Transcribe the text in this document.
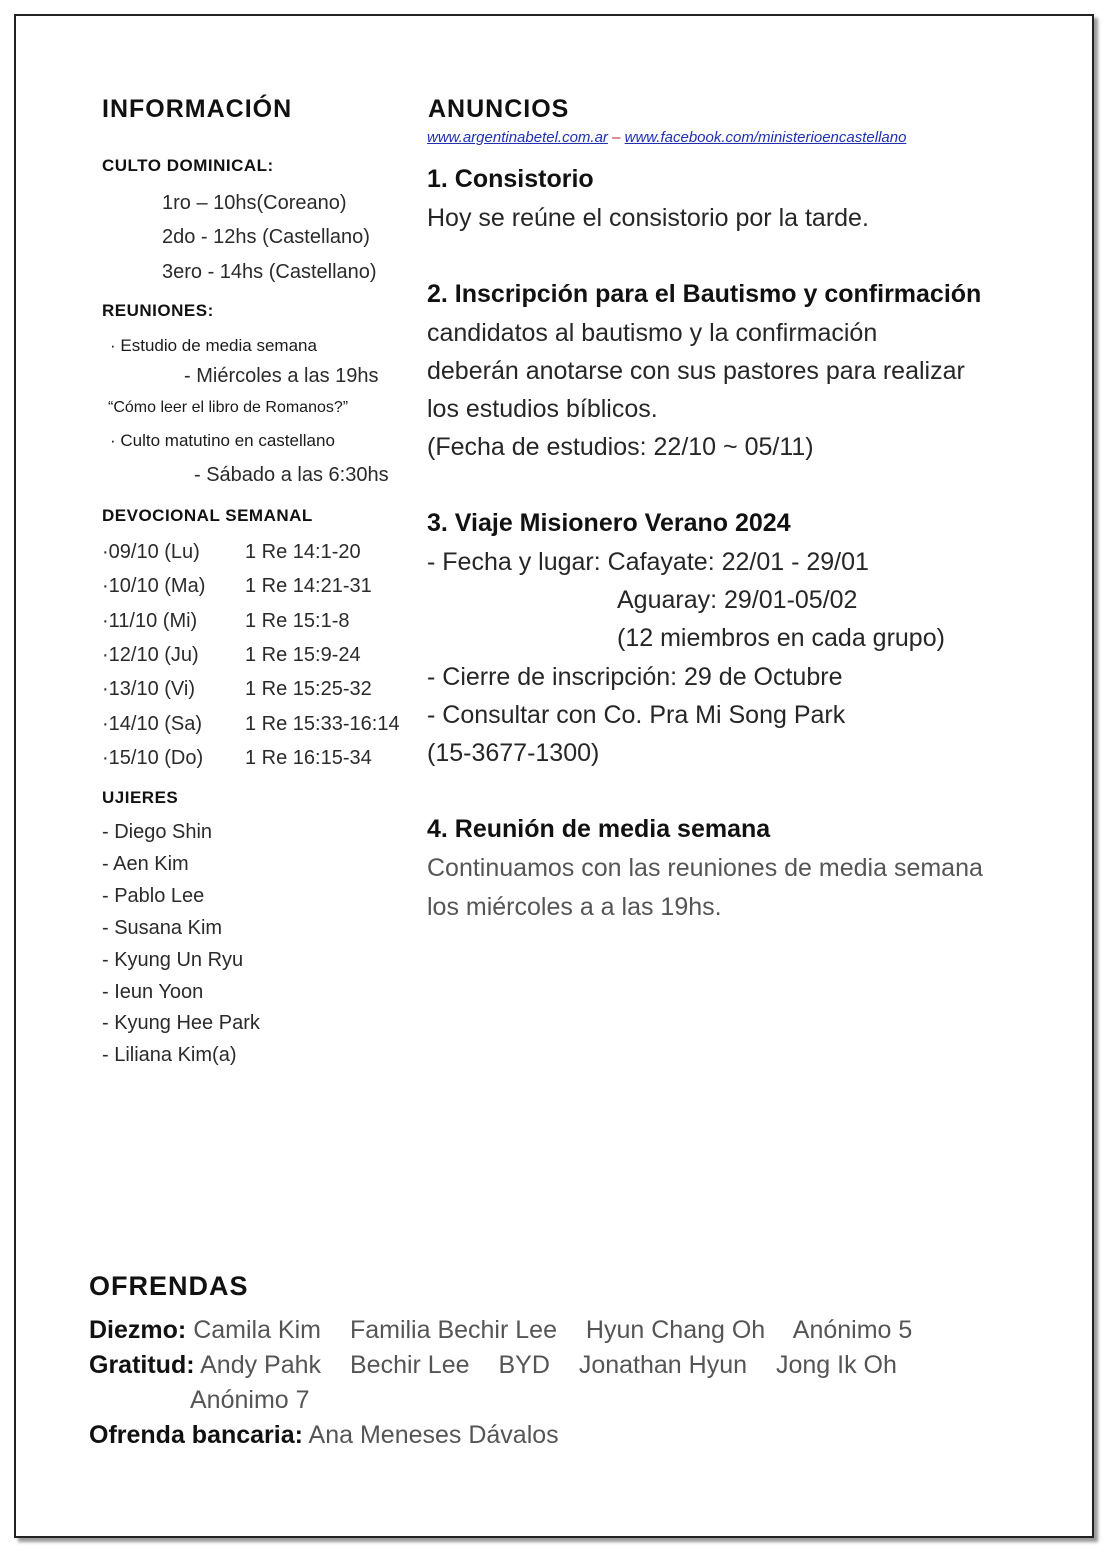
INFORMACIÓN
CULTO DOMINICAL:
1ro – 10hs(Coreano)
2do - 12hs (Castellano)
3ero - 14hs (Castellano)
REUNIONES:
· Estudio de media semana
- Miércoles a las 19hs
“Cómo leer el libro de Romanos?”
· Culto matutino en castellano
- Sábado a las 6:30hs
DEVOCIONAL SEMANAL
·09/10 (Lu) 1 Re 14:1-20
·10/10 (Ma) 1 Re 14:21-31
·11/10 (Mi) 1 Re 15:1-8
·12/10 (Ju) 1 Re 15:9-24
·13/10 (Vi) 1 Re 15:25-32
·14/10 (Sa) 1 Re 15:33-16:14
·15/10 (Do) 1 Re 16:15-34
UJIERES
- Diego Shin
- Aen Kim
- Pablo Lee
- Susana Kim
- Kyung Un Ryu
- Ieun Yoon
- Kyung Hee Park
- Liliana Kim(a)
ANUNCIOS
www.argentinabetel.com.ar – www.facebook.com/ministerioencastellano
1. Consistorio
Hoy se reúne el consistorio por la tarde.
2. Inscripción para el Bautismo y confirmación
candidatos al bautismo y la confirmación
deberán anotarse con sus pastores para realizar
los estudios bíblicos.
(Fecha de estudios: 22/10 ~ 05/11)
3. Viaje Misionero Verano 2024
- Fecha y lugar: Cafayate: 22/01 - 29/01
Aguaray: 29/01-05/02
(12 miembros en cada grupo)
- Cierre de inscripción: 29 de Octubre
- Consultar con Co. Pra Mi Song Park
(15-3677-1300)
4. Reunión de media semana
Continuamos con las reuniones de media semana
los miércoles a a las 19hs.
OFRENDAS
Diezmo: Camila Kim Familia Bechir Lee Hyun Chang Oh Anónimo 5
Gratitud: Andy Pahk Bechir Lee BYD Jonathan Hyun Jong Ik Oh
Anónimo 7
Ofrenda bancaria: Ana Meneses Dávalos
